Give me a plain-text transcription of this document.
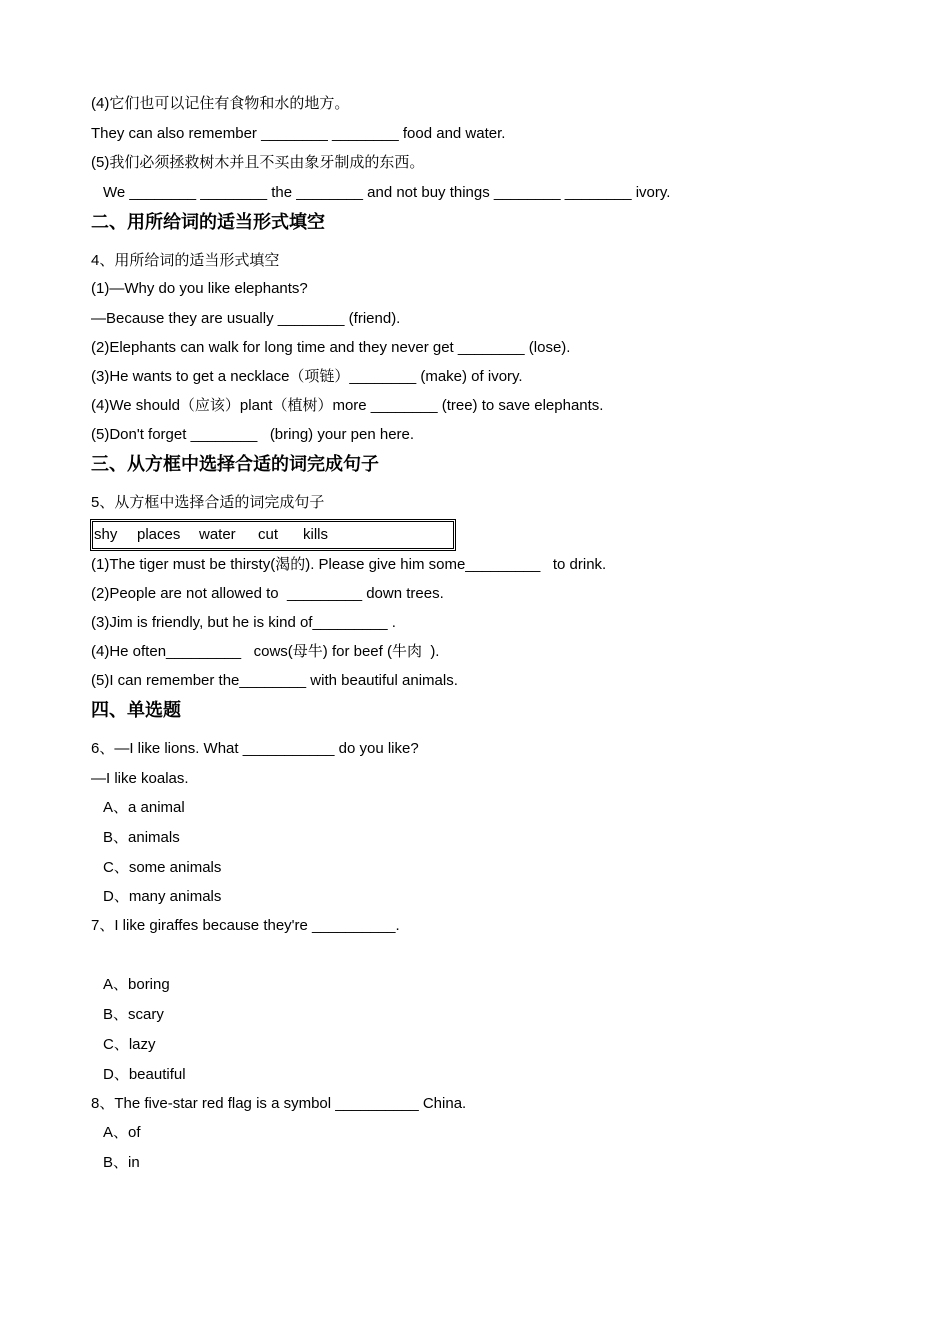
(4)它们也可以记住有食物和水的地方。
They can also remember ________ ________ food and water.
(5)我们必须拯救树木并且不买由象牙制成的东西。
We ________ ________ the ________ and not buy things ________ ________ ivory.
二、用所给词的适当形式填空
4、用所给词的适当形式填空
(1)—Why do you like elephants?
—Because they are usually ________ (friend).
(2)Elephants can walk for long time and they never get ________ (lose).
(3)He wants to get a necklace（项链）________ (make) of ivory.
(4)We should（应该）plant（植树）more ________ (tree) to save elephants.
(5)Don't forget ________   (bring) your pen here.
三、从方框中选择合适的词完成句子
5、从方框中选择合适的词完成句子
shy places water cut kills
(1)The tiger must be thirsty(渴的). Please give him some_________   to drink.
(2)People are not allowed to  _________ down trees.
(3)Jim is friendly, but he is kind of_________ .
(4)He often_________   cows(母牛) for beef (牛肉  ).
(5)I can remember the________ with beautiful animals.
四、单选题
6、—I like lions. What ___________ do you like?
—I like koalas.
A、a animal
B、animals
C、some animals
D、many animals
7、I like giraffes because they're __________.
A、boring
B、scary
C、lazy
D、beautiful
8、The five-star red flag is a symbol __________ China.
A、of
B、in
